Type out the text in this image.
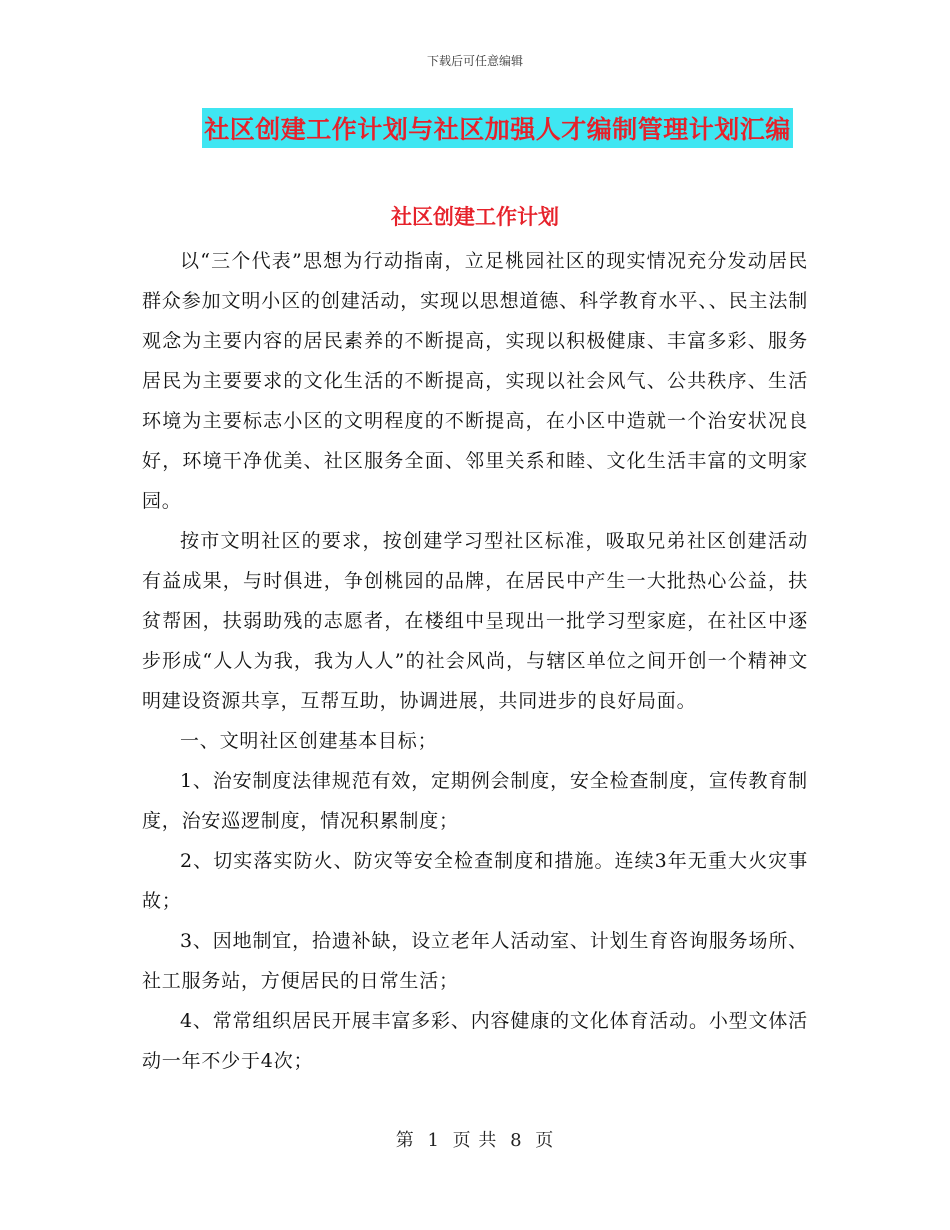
下载后可任意编辑
社区创建工作计划与社区加强人才编制管理计划汇编
社区创建工作计划

以“三个代表”思想为行动指南，立足桃园社区的现实情况充分发动居民群众参加文明小区的创建活动，实现以思想道德、科学教育水平、、民主法制观念为主要内容的居民素养的不断提高，实现以积极健康、丰富多彩、服务居民为主要要求的文化生活的不断提高，实现以社会风气、公共秩序、生活环境为主要标志小区的文明程度的不断提高，在小区中造就一个治安状况良好，环境干净优美、社区服务全面、邻里关系和睦、文化生活丰富的文明家园。

按市文明社区的要求，按创建学习型社区标准，吸取兄弟社区创建活动有益成果，与时俱进，争创桃园的品牌，在居民中产生一大批热心公益，扶贫帮困，扶弱助残的志愿者，在楼组中呈现出一批学习型家庭，在社区中逐步形成“人人为我，我为人人”的社会风尚，与辖区单位之间开创一个精神文明建设资源共享，互帮互助，协调进展，共同进步的良好局面。

一、文明社区创建基本目标；

1、治安制度法律规范有效，定期例会制度，安全检查制度，宣传教育制度，治安巡逻制度，情况积累制度；

2、切实落实防火、防灾等安全检查制度和措施。连续3年无重大火灾事故；

3、因地制宜，拾遗补缺，设立老年人活动室、计划生育咨询服务场所、社工服务站，方便居民的日常生活；

4、常常组织居民开展丰富多彩、内容健康的文化体育活动。小型文体活动一年不少于4次；

第 1 页 共 8 页
